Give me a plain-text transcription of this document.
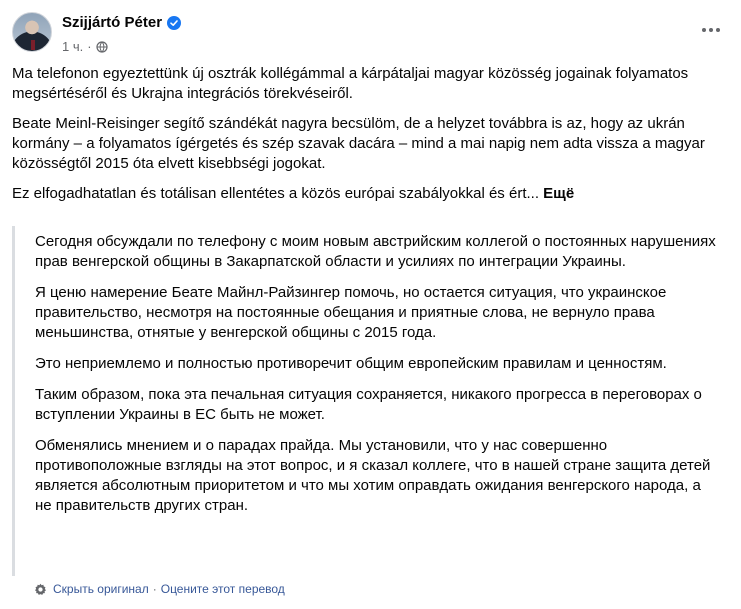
Szijjártó Péter
1 ч. ·

Ma telefonon egyeztettünk új osztrák kollégámmal a kárpátaljai magyar közösség jogainak folyamatos megsértéséről és Ukrajna integrációs törekvéseiről.

Beate Meinl-Reisinger segítő szándékát nagyra becsülöm, de a helyzet továbbra is az, hogy az ukrán kormány – a folyamatos ígérgetés és szép szavak dacára – mind a mai napig nem adta vissza a magyar közösségtől 2015 óta elvett kisebbségi jogokat.

Ez elfogadhatatlan és totálisan ellentétes a közös európai szabályokkal és ért... Ещё

Сегодня обсуждали по телефону с моим новым австрийским коллегой о постоянных нарушениях прав венгерской общины в Закарпатской области и усилиях по интеграции Украины.

Я ценю намерение Беате Майнл-Райзингер помочь, но остается ситуация, что украинское правительство, несмотря на постоянные обещания и приятные слова, не вернуло права меньшинства, отнятые у венгерской общины с 2015 года.

Это неприемлемо и полностью противоречит общим европейским правилам и ценностям.

Таким образом, пока эта печальная ситуация сохраняется, никакого прогресса в переговорах о вступлении Украины в ЕС быть не может.

Обменялись мнением и о парадах прайда. Мы установили, что у нас совершенно противоположные взгляды на этот вопрос, и я сказал коллеге, что в нашей стране защита детей является абсолютным приоритетом и что мы хотим оправдать ожидания венгерского народа, а не правительств других стран.

Скрыть оригинал · Оцените этот перевод
